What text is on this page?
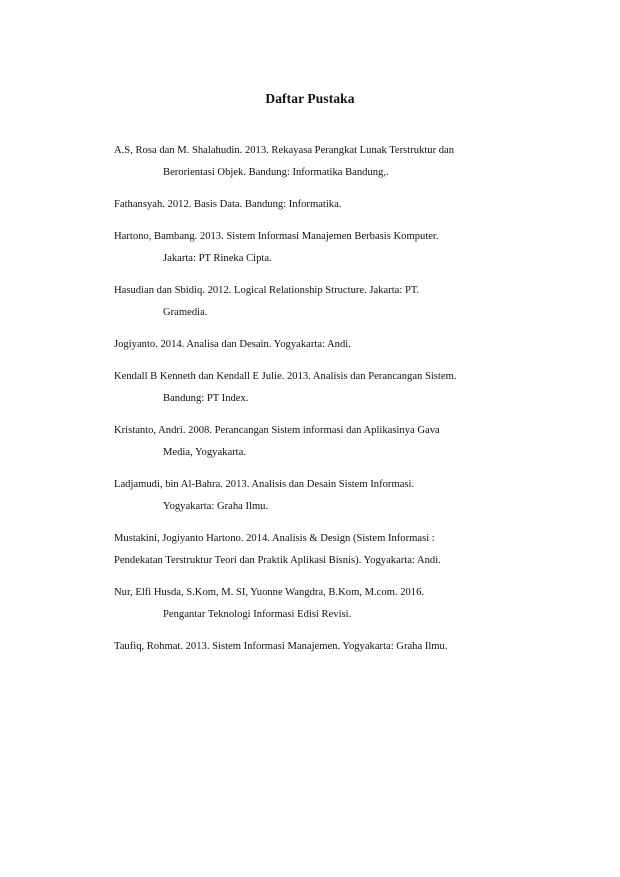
Daftar Pustaka
A.S, Rosa dan M. Shalahudin. 2013. Rekayasa Perangkat Lunak Terstruktur dan
Berorientasi Objek. Bandung: Informatika Bandung,.
Fathansyah. 2012. Basis Data. Bandung: Informatika.
Hartono, Bambang. 2013. Sistem Informasi Manajemen Berbasis Komputer.
Jakarta: PT Rineka Cipta.
Hasudian dan Sbidiq. 2012. Logical Relationship Structure. Jakarta: PT.
Gramedia.
Jogiyanto. 2014. Analisa dan Desain. Yogyakarta: Andi.
Kendall B Kenneth dan Kendall E Julie. 2013. Analisis dan Perancangan Sistem.
Bandung: PT Index.
Kristanto, Andri. 2008. Perancangan Sistem informasi dan Aplikasinya Gava
Media, Yogyakarta.
Ladjamudi, bin Al-Bahra. 2013. Analisis dan Desain Sistem Informasi.
Yogyakarta: Graha Ilmu.
Mustakini, Jogiyanto Hartono. 2014. Analisis & Design (Sistem Informasi :
Pendekatan Terstruktur Teori dan Praktik Aplikasi Bisnis). Yogyakarta: Andi.
Nur, Elfi Husda, S.Kom, M. SI, Yuonne Wangdra, B.Kom, M.com. 2016.
Pengantar Teknologi Informasi Edisi Revisi.
Taufiq, Rohmat. 2013. Sistem Informasi Manajemen. Yogyakarta: Graha Ilmu.
